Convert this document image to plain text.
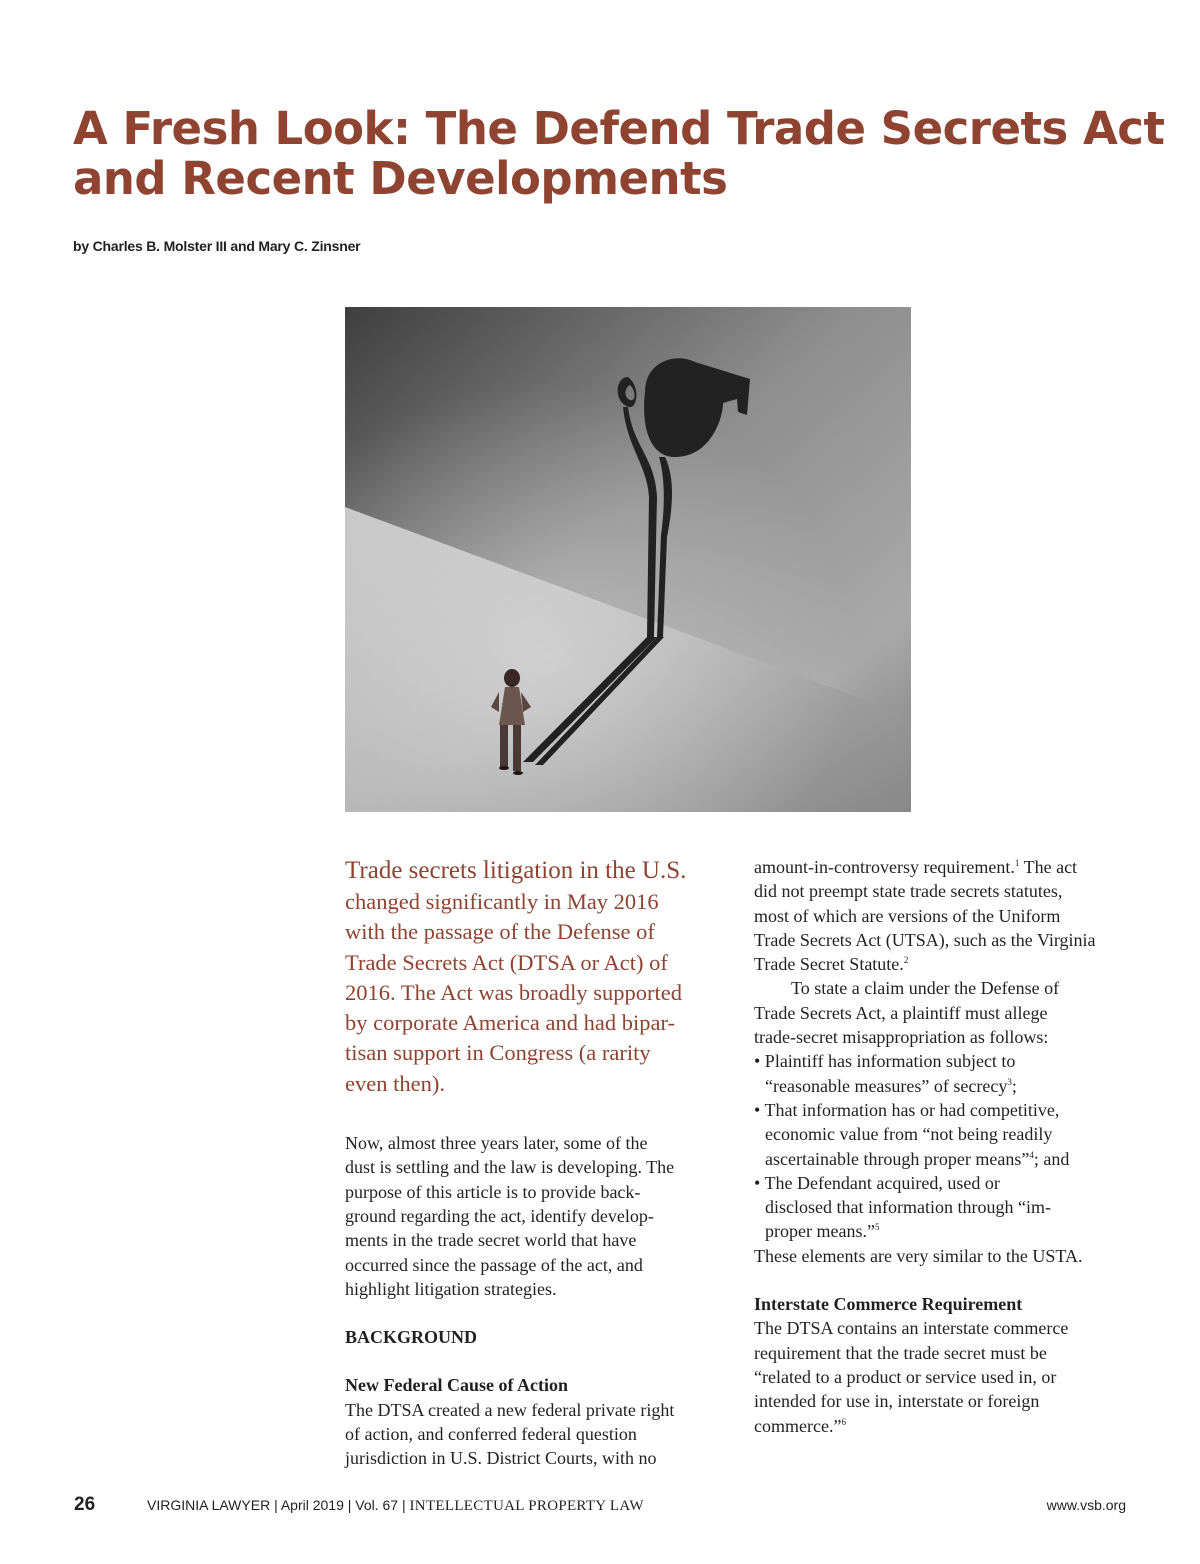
A Fresh Look: The Defend Trade Secrets Act
and Recent Developments
by Charles B. Molster III and Mary C. Zinsner

Trade secrets litigation in the U.S.
changed significantly in May 2016
with the passage of the Defense of
Trade Secrets Act (DTSA or Act) of
2016. The Act was broadly supported
by corporate America and had bipar-
tisan support in Congress (a rarity
even then).

Now, almost three years later, some of the
dust is settling and the law is developing. The
purpose of this article is to provide back-
ground regarding the act, identify develop-
ments in the trade secret world that have
occurred since the passage of the act, and
highlight litigation strategies.

BACKGROUND

New Federal Cause of Action

The DTSA created a new federal private right
of action, and conferred federal question
jurisdiction in U.S. District Courts, with no

amount-in-controversy requirement.$^1$ The act
did not preempt state trade secrets statutes,
most of which are versions of the Uniform
Trade Secrets Act (UTSA), such as the Virginia
Trade Secret Statute.$^2$

To state a claim under the Defense of
Trade Secrets Act, a plaintiff must allege
trade-secret misappropriation as follows:
• Plaintiff has information subject to
“reasonable measures” of secrecy$^3$;
• That information has or had competitive,
economic value from “not being readily
ascertainable through proper means”$^4$; and
• The Defendant acquired, used or
disclosed that information through “im-
proper means.”$^5$
These elements are very similar to the USTA.

Interstate Commerce Requirement

The DTSA contains an interstate commerce
requirement that the trade secret must be
“related to a product or service used in, or
intended for use in, interstate or foreign
commerce.”$^6$

26	VIRGINIA LAWYER | April 2019 | Vol. 67 | INTELLECTUAL PROPERTY LAW	www.vsb.org
